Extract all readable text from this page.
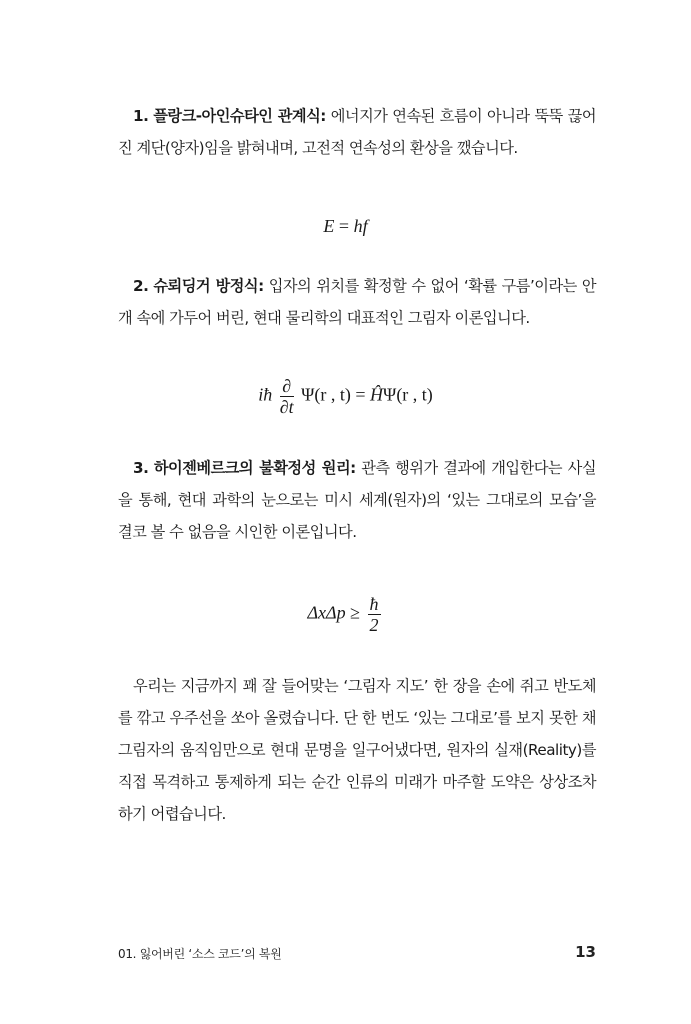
1. 플랑크-아인슈타인 관계식: 에너지가 연속된 흐름이 아니라 뚝뚝 끊어진 계단(양자)임을 밝혀내며, 고전적 연속성의 환상을 깼습니다.

E = hf

2. 슈뢰딩거 방정식: 입자의 위치를 확정할 수 없어 ‘확률 구름’이라는 안개 속에 가두어 버린, 현대 물리학의 대표적인 그림자 이론입니다.

iħ $\frac{\partial}{\partial t} \Psi(r$ , t) = ĤΨ(r , t)

3. 하이젠베르크의 불확정성 원리: 관측 행위가 결과에 개입한다는 사실을 통해, 현대 과학의 눈으로는 미시 세계(원자)의 ‘있는 그대로의 모습’을 결코 볼 수 없음을 시인한 이론입니다.

$\Delta x\Delta p \ge \frac{ħ}{2}$

우리는 지금까지 꽤 잘 들어맞는 ‘그림자 지도’ 한 장을 손에 쥐고 반도체를 깎고 우주선을 쏘아 올렸습니다. 단 한 번도 ‘있는 그대로’를 보지 못한 채 그림자의 움직임만으로 현대 문명을 일구어냈다면, 원자의 실재(Reality)를 직접 목격하고 통제하게 되는 순간 인류의 미래가 마주할 도약은 상상조차 하기 어렵습니다.

01. 잃어버린 ‘소스 코드’의 복원	13
